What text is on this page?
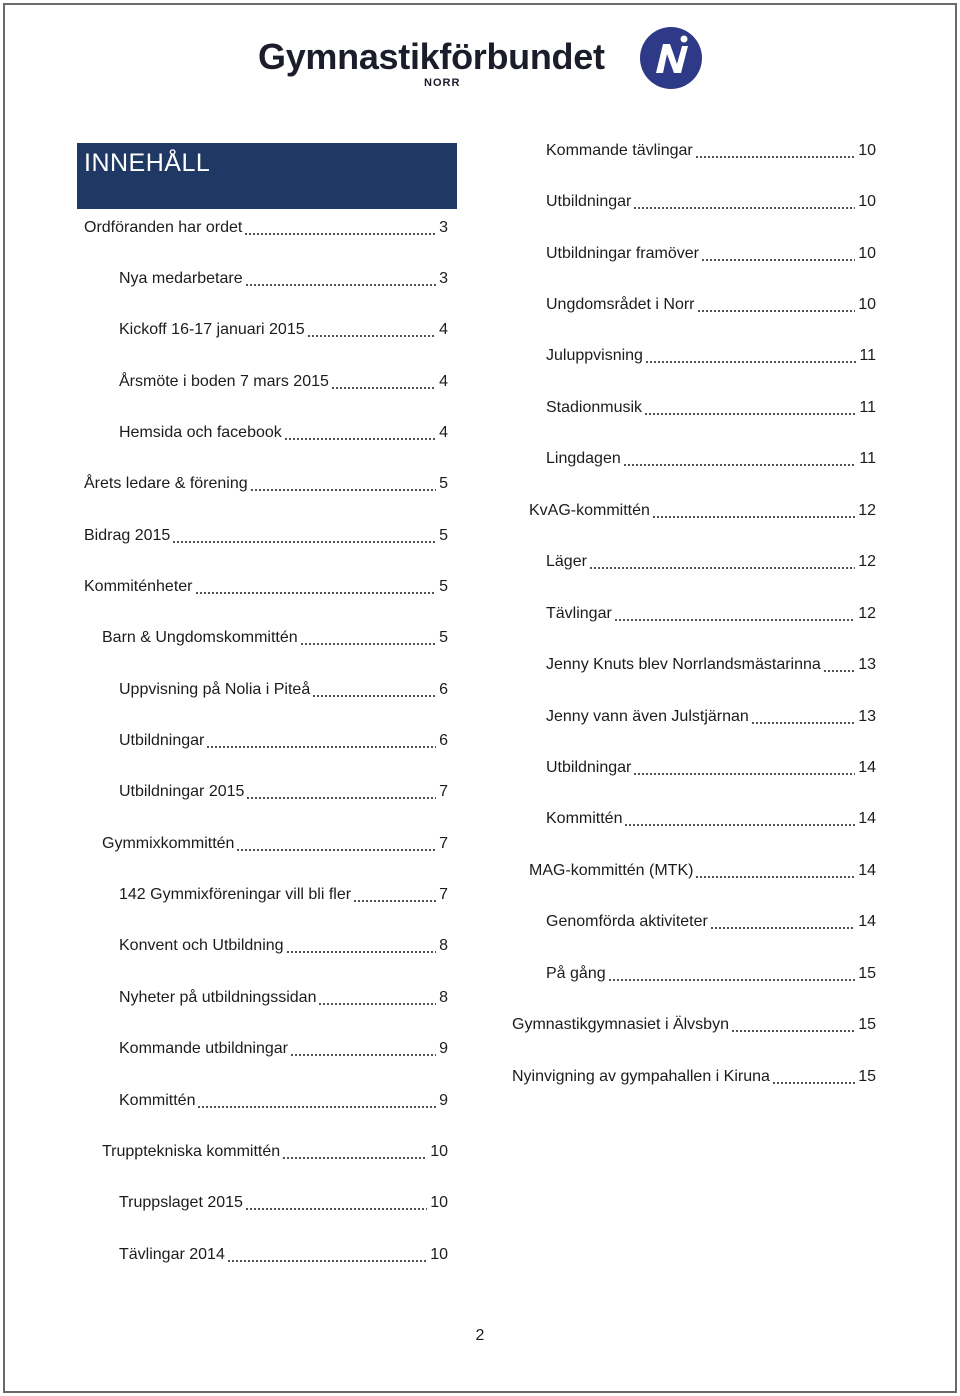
Gymnastikförbundet
NORR
INNEHÅLL
Ordföranden har ordet	3
Nya medarbetare	3
Kickoff 16-17 januari 2015	4
Årsmöte i boden 7 mars 2015	4
Hemsida och facebook	4
Årets ledare & förening	5
Bidrag 2015	5
Kommiténheter	5
Barn & Ungdomskommittén	5
Uppvisning på Nolia i Piteå	6
Utbildningar	6
Utbildningar 2015	7
Gymmixkommittén	7
142 Gymmixföreningar vill bli fler	7
Konvent och Utbildning	8
Nyheter på utbildningssidan	8
Kommande utbildningar	9
Kommittén	9
Trupptekniska kommittén	10
Truppslaget 2015	10
Tävlingar 2014	10
Kommande tävlingar	10
Utbildningar	10
Utbildningar framöver	10
Ungdomsrådet i Norr	10
Juluppvisning	11
Stadionmusik	11
Lingdagen	11
KvAG-kommittén	12
Läger	12
Tävlingar	12
Jenny Knuts blev Norrlandsmästarinna 13
Jenny vann även Julstjärnan	13
Utbildningar	14
Kommittén	14
MAG-kommittén (MTK)	14
Genomförda aktiviteter	14
På gång	15
Gymnastikgymnasiet i Älvsbyn	15
Nyinvigning av gympahallen i Kiruna	15
2
